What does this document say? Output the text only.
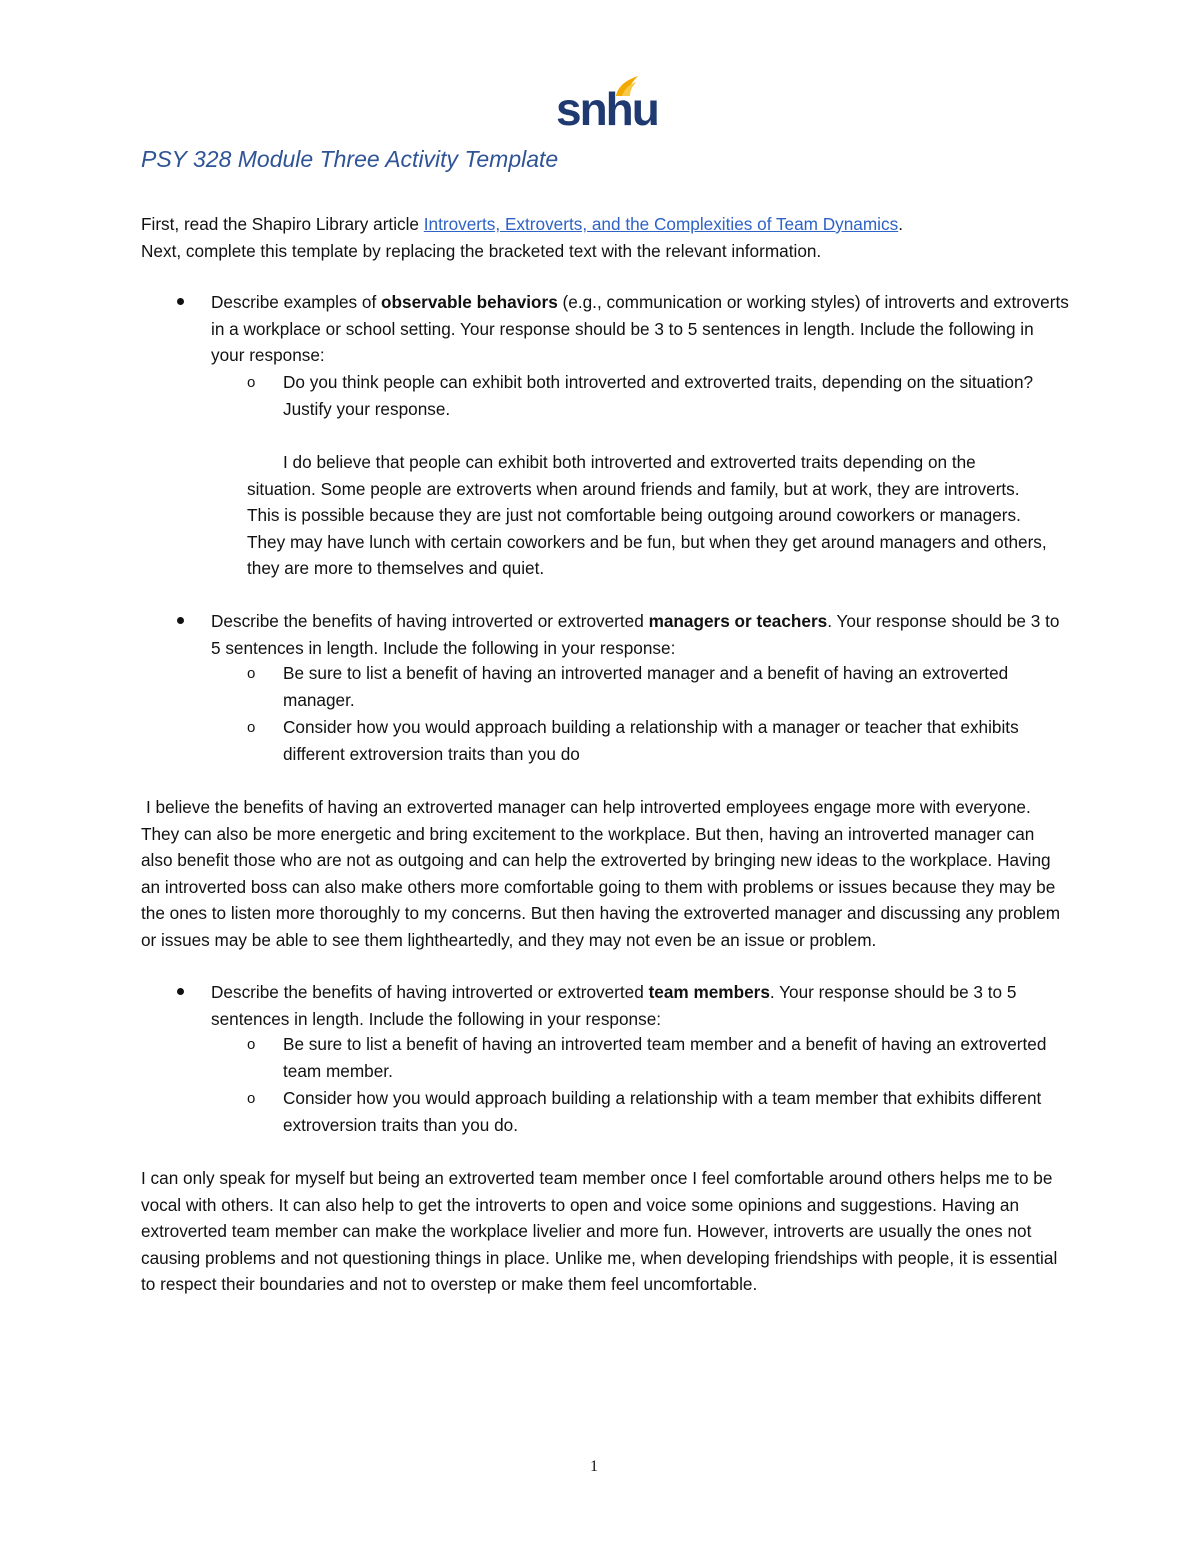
snhu
PSY 328 Module Three Activity Template
First, read the Shapiro Library article Introverts, Extroverts, and the Complexities of Team Dynamics.
Next, complete this template by replacing the bracketed text with the relevant information.
Describe examples of observable behaviors (e.g., communication or working styles) of introverts and extroverts in a workplace or school setting. Your response should be 3 to 5 sentences in length. Include the following in your response:
o Do you think people can exhibit both introverted and extroverted traits, depending on the situation? Justify your response.
I do believe that people can exhibit both introverted and extroverted traits depending on the situation. Some people are extroverts when around friends and family, but at work, they are introverts. This is possible because they are just not comfortable being outgoing around coworkers or managers. They may have lunch with certain coworkers and be fun, but when they get around managers and others, they are more to themselves and quiet.
Describe the benefits of having introverted or extroverted managers or teachers. Your response should be 3 to 5 sentences in length. Include the following in your response:
o Be sure to list a benefit of having an introverted manager and a benefit of having an extroverted manager.
o Consider how you would approach building a relationship with a manager or teacher that exhibits different extroversion traits than you do
I believe the benefits of having an extroverted manager can help introverted employees engage more with everyone. They can also be more energetic and bring excitement to the workplace. But then, having an introverted manager can also benefit those who are not as outgoing and can help the extroverted by bringing new ideas to the workplace. Having an introverted boss can also make others more comfortable going to them with problems or issues because they may be the ones to listen more thoroughly to my concerns. But then having the extroverted manager and discussing any problem or issues may be able to see them lightheartedly, and they may not even be an issue or problem.
Describe the benefits of having introverted or extroverted team members. Your response should be 3 to 5 sentences in length. Include the following in your response:
o Be sure to list a benefit of having an introverted team member and a benefit of having an extroverted team member.
o Consider how you would approach building a relationship with a team member that exhibits different extroversion traits than you do.
I can only speak for myself but being an extroverted team member once I feel comfortable around others helps me to be vocal with others. It can also help to get the introverts to open and voice some opinions and suggestions. Having an extroverted team member can make the workplace livelier and more fun. However, introverts are usually the ones not causing problems and not questioning things in place. Unlike me, when developing friendships with people, it is essential to respect their boundaries and not to overstep or make them feel uncomfortable.
1
